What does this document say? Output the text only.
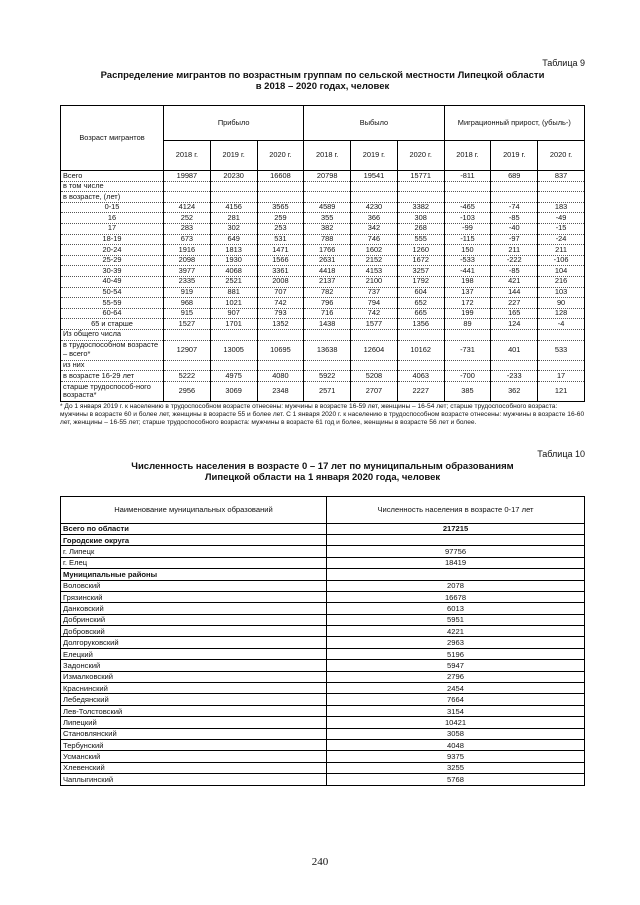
Таблица 9
Распределение мигрантов по возрастным группам по сельской местности Липецкой области
в 2018 – 2020 годах, человек
Возраст мигрантов	Прибыло			Выбыло			Миграционный прирост, (убыль-)		
	2018 г.	2019 г.	2020 г.	2018 г.	2019 г.	2020 г.	2018 г.	2019 г.	2020 г.
Всего	19987	20230	16608	20798	19541	15771	-811	689	837
в том числе									
в возрасте, (лет)									
0-15	4124	4156	3565	4589	4230	3382	-465	-74	183
16	252	281	259	355	366	308	-103	-85	-49
17	283	302	253	382	342	268	-99	-40	-15
18-19	673	649	531	788	746	555	-115	-97	-24
20-24	1916	1813	1471	1766	1602	1260	150	211	211
25-29	2098	1930	1566	2631	2152	1672	-533	-222	-106
30-39	3977	4068	3361	4418	4153	3257	-441	-85	104
40-49	2335	2521	2008	2137	2100	1792	198	421	216
50-54	919	881	707	782	737	604	137	144	103
55-59	968	1021	742	796	794	652	172	227	90
60-64	915	907	793	716	742	665	199	165	128
65 и старше	1527	1701	1352	1438	1577	1356	89	124	-4
Из общего числа									
в трудоспособном возрасте – всего*	12907	13005	10695	13638	12604	10162	-731	401	533
из них									
в возрасте 16-29 лет	5222	4975	4080	5922	5208	4063	-700	-233	17
старше трудоспособ-ного возраста*	2956	3069	2348	2571	2707	2227	385	362	121
* До 1 января 2019 г. к населению в трудоспособном возрасте отнесены: мужчины в возрасте 16-59 лет, женщины – 16-54 лет; старше трудоспособного возраста: мужчины в возрасте 60 и более лет, женщины в возрасте 55 и более лет. С 1 января 2020 г. к населению в трудоспособном возрасте отнесены: мужчины в возрасте 16-60 лет, женщины – 16-55 лет; старше трудоспособного возраста: мужчины в возрасте 61 год и более, женщины в возрасте 56 лет и более.
Таблица 10
Численность населения в возрасте 0 – 17 лет по муниципальным образованиям
Липецкой области на 1 января 2020 года, человек
Наименование муниципальных образований	Численность населения в возрасте 0-17 лет
Всего по области	217215
Городские округа	
г. Липецк	97756
г. Елец	18419
Муниципальные районы	
Воловский	2078
Грязинский	16678
Данковский	6013
Добринский	5951
Добровский	4221
Долгоруковский	2963
Елецкий	5196
Задонский	5947
Измалковский	2796
Краснинский	2454
Лебедянский	7664
Лев-Толстовский	3154
Липецкий	10421
Становлянский	3058
Тербунский	4048
Усманский	9375
Хлевенский	3255
Чаплыгинский	5768
240
